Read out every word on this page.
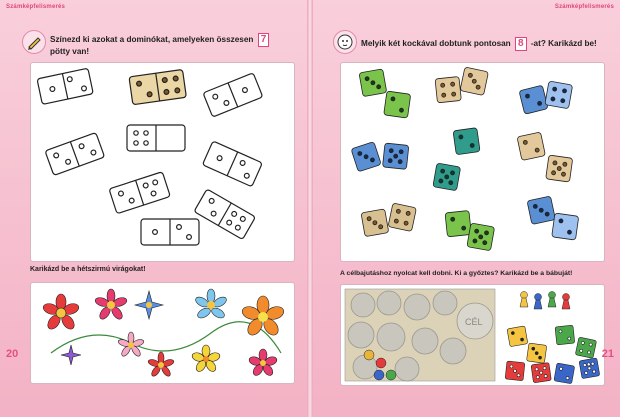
Számképfelismerés
Színezd ki azokat a dominókat, amelyeken összesen 7 pötty van!
Karikázd be a hétszirmú virágokat!
20
Számképfelismerés
Melyik két kockával dobtunk pontosan 8 -at? Karikázd be!
A célbajutáshoz nyolcat kell dobni. Ki a győztes? Karikázd be a bábuját!
CÉL
21
